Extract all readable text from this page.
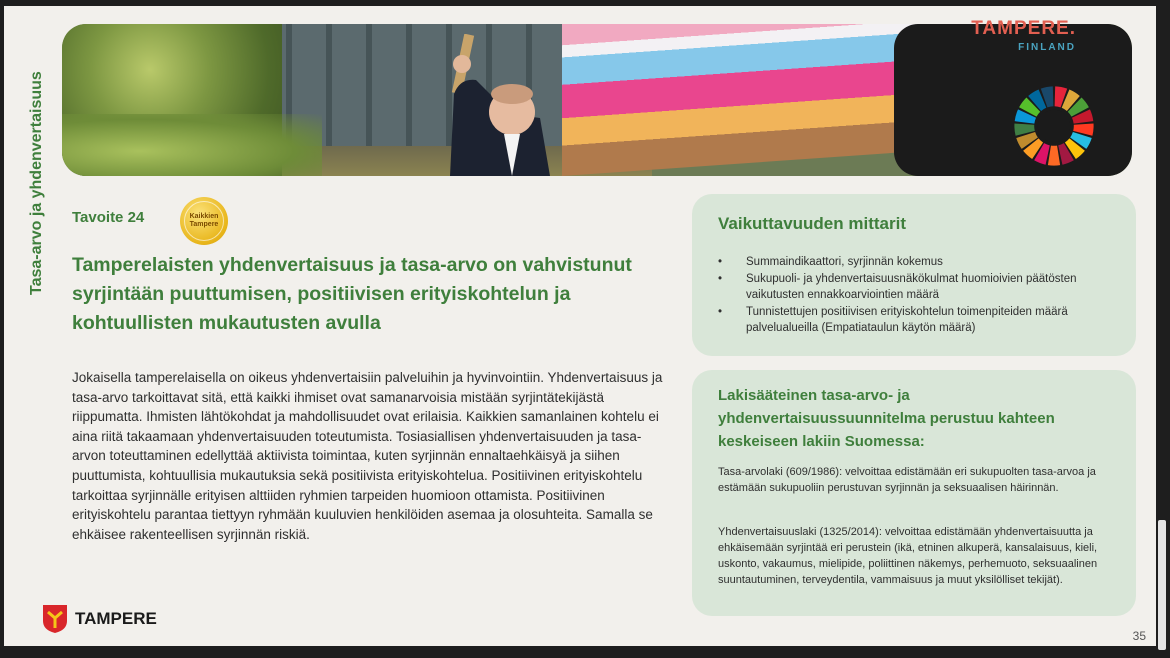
Tasa-arvo ja yhdenvertaisuus
TAMPERE.
FINLAND
Tavoite 24	Kaikkien
Tampere
Tamperelaisten yhdenvertaisuus ja tasa-arvo on vahvistunut syrjintään puuttumisen, positiivisen erityiskohtelun ja kohtuullisten mukautusten avulla
Jokaisella tamperelaisella on oikeus yhdenvertaisiin palveluihin ja hyvinvointiin. Yhdenvertaisuus ja tasa-arvo tarkoittavat sitä, että kaikki ihmiset ovat samanarvoisia mistään syrjintätekijästä riippumatta. Ihmisten lähtökohdat ja mahdollisuudet ovat erilaisia. Kaikkien samanlainen kohtelu ei aina riitä takaamaan yhdenvertaisuuden toteutumista. Tosiasiallisen yhdenvertaisuuden ja tasa-arvon toteuttaminen edellyttää aktiivista toimintaa, kuten syrjinnän ennaltaehkäisyä ja siihen puuttumista, kohtuullisia mukautuksia sekä positiivista erityiskohtelua. Positiivinen erityiskohtelu tarkoittaa syrjinnälle erityisen alttiiden ryhmien tarpeiden huomioon ottamista. Positiivinen erityiskohtelu parantaa tiettyyn ryhmään kuuluvien henkilöiden asemaa ja olosuhteita. Samalla se ehkäisee rakenteellisen syrjinnän riskiä.
Vaikuttavuuden mittarit
• Summaindikaattori, syrjinnän kokemus
• Sukupuoli- ja yhdenvertaisuusnäkökulmat huomioivien päätösten vaikutusten ennakkoarviointien määrä
• Tunnistettujen positiivisen erityiskohtelun toimenpiteiden määrä palvelualueilla (Empatiataulun käytön määrä)
Lakisääteinen tasa-arvo- ja yhdenvertaisuussuunnitelma perustuu kahteen keskeiseen lakiin Suomessa:
Tasa-arvolaki (609/1986): velvoittaa edistämään eri sukupuolten tasa-arvoa ja estämään sukupuoliin perustuvan syrjinnän ja seksuaalisen häirinnän.
Yhdenvertaisuuslaki (1325/2014): velvoittaa edistämään yhdenvertaisuutta ja ehkäisemään syrjintää eri perustein (ikä, etninen alkuperä, kansalaisuus, kieli, uskonto, vakaumus, mielipide, poliittinen näkemys, perhemuoto, seksuaalinen suuntautuminen, terveydentila, vammaisuus ja muut yksilölliset tekijät).
TAMPERE
35
